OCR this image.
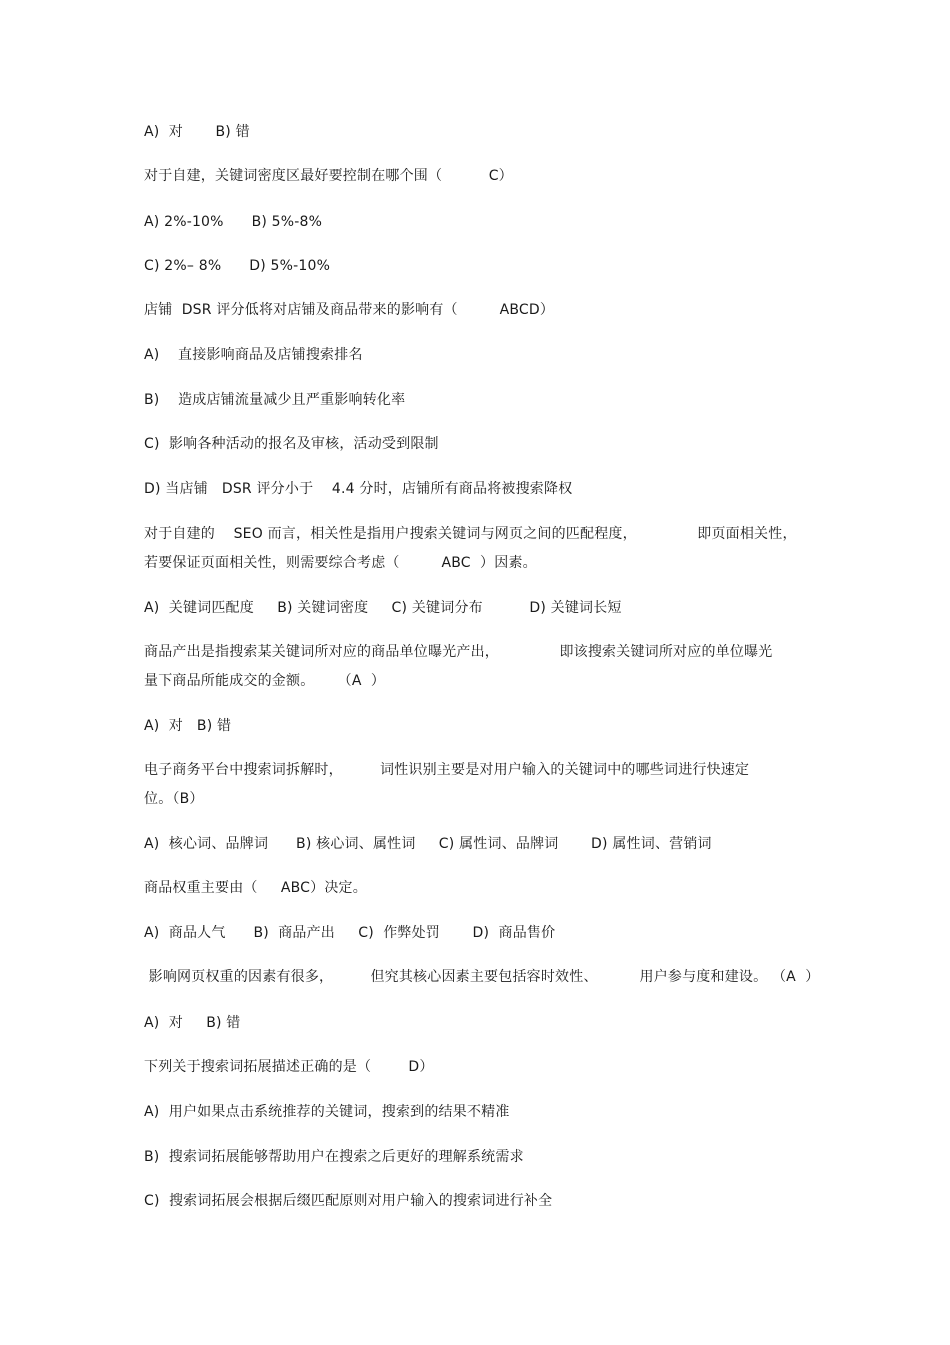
A)  对       B) 错
对于自建，关键词密度区最好要控制在哪个围（          C）
A) 2%-10%      B) 5%-8%
C) 2%– 8%      D) 5%-10%
店铺  DSR 评分低将对店铺及商品带来的影响有（         ABCD）
A)    直接影响商品及店铺搜索排名
B)    造成店铺流量减少且严重影响转化率
C)  影响各种活动的报名及审核，活动受到限制
D) 当店铺   DSR 评分小于    4.4 分时，店铺所有商品将被搜索降权
对于自建的    SEO 而言，相关性是指用户搜索关键词与网页之间的匹配程度，             即页面相关性，
若要保证页面相关性，则需要综合考虑（         ABC  ）因素。
A)  关键词匹配度     B) 关键词密度     C) 关键词分布          D) 关键词长短
商品产出是指搜索某关键词所对应的商品单位曝光产出，             即该搜索关键词所对应的单位曝光
量下商品所能成交的金额。     （A  ）
A)  对   B) 错
电子商务平台中搜索词拆解时，        词性识别主要是对用户输入的关键词中的哪些词进行快速定
位。（B）
A)  核心词、品牌词      B) 核心词、属性词     C) 属性词、品牌词       D) 属性词、营销词
商品权重主要由（     ABC）决定。
A)  商品人气      B)  商品产出     C)  作弊处罚       D)  商品售价
影响网页权重的因素有很多，        但究其核心因素主要包括容时效性、         用户参与度和建设。 （A  ）
A)  对     B) 错
下列关于搜索词拓展描述正确的是（        D）
A)  用户如果点击系统推荐的关键词，搜索到的结果不精准
B)  搜索词拓展能够帮助用户在搜索之后更好的理解系统需求
C)  搜索词拓展会根据后缀匹配原则对用户输入的搜索词进行补全
